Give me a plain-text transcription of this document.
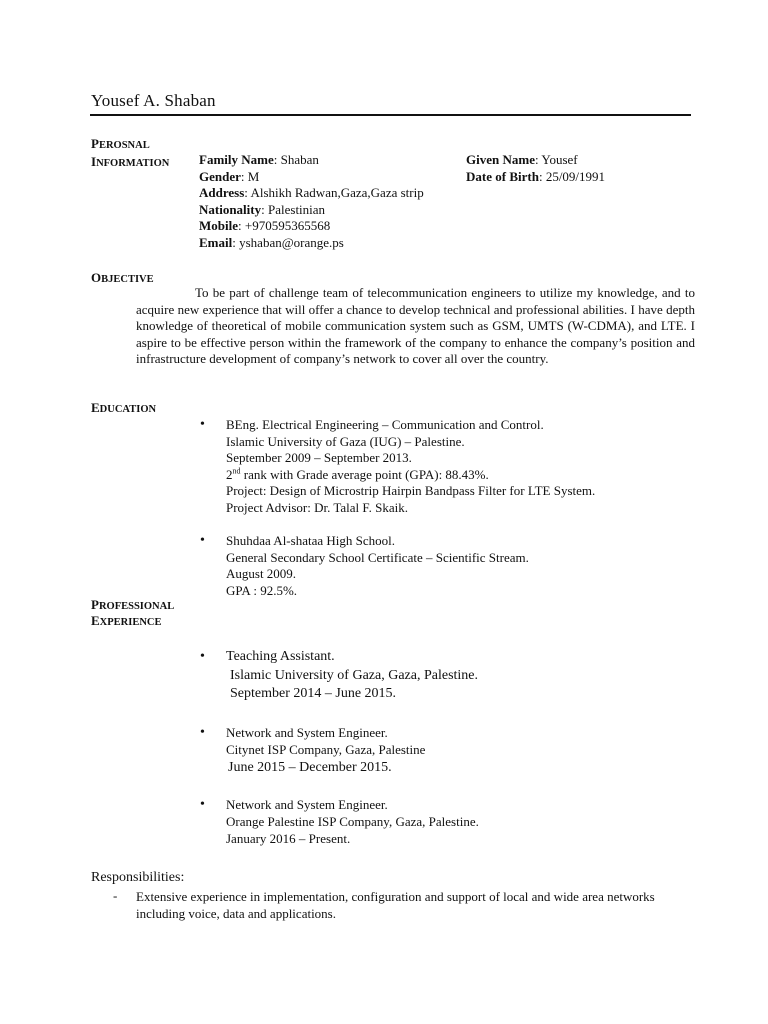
Yousef A. Shaban
PEROSNAL
INFORMATION Family Name: Shaban
Gender: M
Address: Alshikh Radwan,Gaza,Gaza strip
Nationality: Palestinian
Mobile: +970595365568
Email: yshaban@orange.ps
Given Name: Yousef
Date of Birth: 25/09/1991
OBJECTIVE
To be part of challenge team of telecommunication engineers to utilize my knowledge, and to acquire new experience that will offer a chance to develop technical and professional abilities. I have depth knowledge of theoretical of mobile communication system such as GSM, UMTS (W-CDMA), and LTE. I aspire to be effective person within the framework of the company to enhance the company’s position and infrastructure development of company’s network to cover all over the country.
EDUCATION
• BEng. Electrical Engineering – Communication and Control.
Islamic University of Gaza (IUG) – Palestine.
September 2009 – September 2013.
2nd rank with Grade average point (GPA): 88.43%.
Project: Design of Microstrip Hairpin Bandpass Filter for LTE System.
Project Advisor: Dr. Talal F. Skaik.
• Shuhdaa Al-shataa High School.
General Secondary School Certificate – Scientific Stream.
August 2009.
GPA : 92.5%.
PROFESSIONAL
EXPERIENCE
• Teaching Assistant.
Islamic University of Gaza, Gaza, Palestine.
September 2014 – June 2015.
• Network and System Engineer.
Citynet ISP Company, Gaza, Palestine
June 2015 – December 2015.
• Network and System Engineer.
Orange Palestine ISP Company, Gaza, Palestine.
January 2016 – Present.
Responsibilities:
- Extensive experience in implementation, configuration and support of local and wide area networks including voice, data and applications.
